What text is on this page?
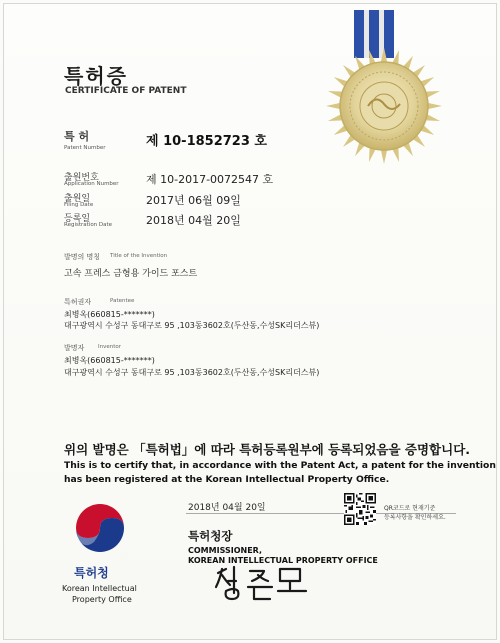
특허증
CERTIFICATE OF PATENT
특 허
Patent Number	제 10-1852723 호
출원번호
Application Number 제 10-2017-0072547 호
출원일
Filing Date	2017년 06월 09일
등록일
Registration Date	2018년 04월 20일
발명의 명칭 Title of the Invention
고속 프레스 금형용 가이드 포스트
특허권자	Patentee
최병옥(660815-*******)
대구광역시 수성구 동대구로 95 ,103동3602호(두산동,수성SK리더스뷰)
발명자 Inventor
최병옥(660815-*******)
대구광역시 수성구 동대구로 95 ,103동3602호(두산동,수성SK리더스뷰)
위의 발명은 「특허법」에 따라 특허등록원부에 등록되었음을 증명합니다.
This is to certify that, in accordance with the Patent Act, a patent for the invention
has been registered at the Korean Intellectual Property Office.
2018년 04월 20일	QR코드로 현재기준
등록사항을 확인하세요.
특허청장
COMMISSIONER,
KOREAN INTELLECTUAL PROPERTY OFFICE
특허청
Korean Intellectual
Property Office
